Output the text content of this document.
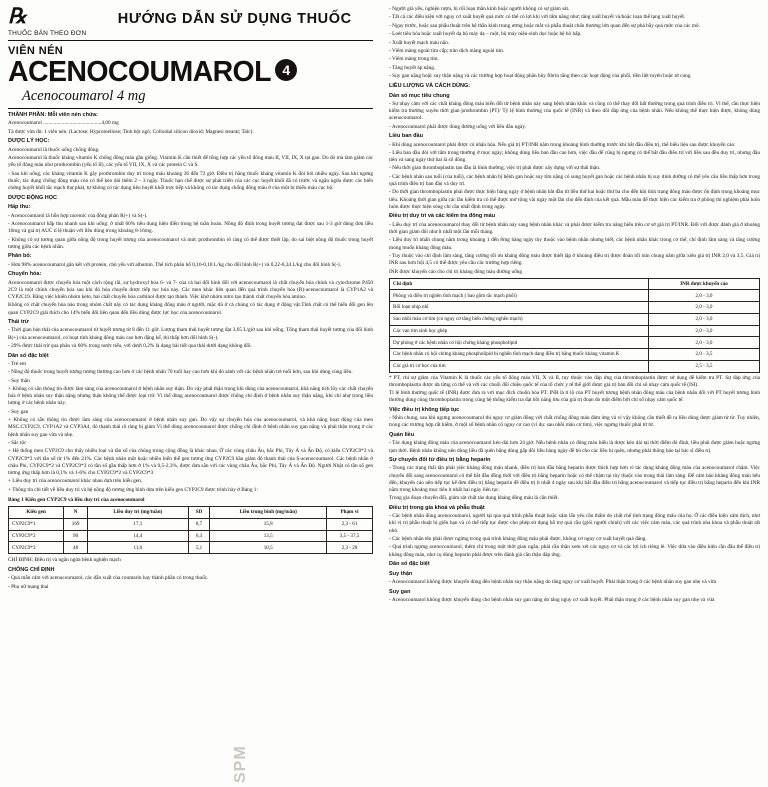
℞
THUỐC BÁN THEO ĐƠN
HƯỚNG DẪN SỬ DỤNG THUỐC
VIÊN NÉN
ACENOCOUMAROL 4
Acenocoumarol 4 mg
THÀNH PHẦN: Mỗi viên nén chứa:

Acenocoumarol ............................................4,00 mg

Tá dược vừa đủ: 1 viên nén. (Lactose; Hypromellose; Tinh bột ngô; Colloidal silicon dioxid; Magnesi stearat; Talc).

DƯỢC LÝ HỌC:

Acenocoumarol là thuốc uống chống đông.

Acenocoumarol là thuốc kháng vitamin K chống đông máu gần giống. Vitamin K cần thiết để tổng hợp các yếu tố đông máu II, VII, IX, X tại gan. Do đó mà làm giảm các yếu tố đông máu như prothrombin (yếu tố II), các yếu tố VII, IX, X và các protein C và S.

- Sau khi uống, các kháng vitamin K gây prothrombin duy trì trong máu khoảng 36 đến 72 giờ. Điều trị bằng thuốc kháng vitamin K đòi hỏi nhiều ngày. Sau khi ngưng thuốc, tác dụng chống đông máu còn có thể kéo dài thêm 2 – 3 ngày. Thuốc hạn chế được sự phát triển của các cục huyết khối đã có trước và ngăn ngừa được các biến chứng huyết khối tắc mạch thự phát, tự không có tác dụng tiêu huyết khối trực tiếp và không có tác dụng chống đông máu ở của một bị thiếu máu cục bộ.

DƯỢC ĐỘNG HỌC
Hấp thu:

- Acenocoumarol là hỗn hợp racemic của đồng phân R(+) và S(-).

- Acenocoumarol hấp thu nhanh sau khi uống: ở nhất 60% tiêu dụng hiện điền trong hệ tuần hoàn. Nồng độ đỉnh trong huyết tương đạt được sau 1-3 giờ dùng đơn liều 10mg và giá trị AUC tỉ lệ thuận với liều dùng trong khoảng 8-16mg.

- Không có sự tương quan giữa nồng độ trong huyết tương của acenocoumarol và mức prothrombin rõ ràng có thể được thiết lập, do sai biệt nồng độ thuốc trong huyết tương giữa các bệnh nhân.

Phân bố:

- Hơn 98% acenocoumarol gắn kết với protein, chủ yếu với albumin. Thể tích phân bố 0,16-0,18 L/kg cho đối hình R(+) và 0,22-0,34 L/kg cho đối hình S(-).

Chuyển hóa:

Acenocoumarol được chuyển hóa một cách rộng rãi, sự hydroxyl hóa 6- và 7- của cả hai đối hình đối với acenocoumarol là chất chuyển hóa chính và cytochrome P450 2C9 là một chính chuyển hóa sau khi đó hóa chuyển được tiếp tục hóa này. Các men khác liên quan đến quá trình chuyển hóa (R)-acenocoumarol là CYP1A2 và CYP2C19. Bằng việc khiến nhóm keto, hai chất chuyển hóa carbinol được tạo thành. Việc khử nhóm nitro tạo thành chất chuyển hóa amino.

Không có chất chuyển hóa nào trong nhóm chất này có tác dụng kháng đông máu ở người, mặc dù ở cả chúng có tác dụng ở động vật.Tính chất có thể biến đổi gen lên quan CYP2C9 giải thích cho 14% biến đổi liên quan đến liều dùng được lực học của acenocoumarol.

Thải trừ

- Thời gian bán thải của acenocoumarol từ huyết tương từ 8 đến 11 giờ. Lượng tham thải huyết tương đạt 3,65 L/giờ sau khi uống. Tổng tham thải huyết tương của đối hình R(+) của acenocoumarol, có hoạt tính kháng đông máu cao hơn đặng kế, thì thấp hơn đối hình S(-).

- 29% được thải trừ qua phân và 60% trong nước tiểu, với dưới 0,2% là dạng bài tiết qua thải dưới dạng không đổi.

Dân số đặc biệt

- Trẻ em

- Nồng độ thuốc trong huyết tương tương thường cao hơn ở các bệnh nhân 70 tuổi hay cao hơn khi đó sánh với các bệnh nhân trẻ tuổi hơn, sau khi dùng cùng liều.

- Suy thận

+ Không có sẵn thông tin được làm sàng của acenocoumarol ở bệnh nhân suy thận. Do vậy phải thận trọng khi dùng của acenocoumarol, khả năng tích lũy các chất chuyển hóa ở bệnh nhân suy thận nặng nhưng thận không thể được loại trừ. Vì thế dùng acenocoumarol được chống chỉ định ở bệnh nhân suy thận nặng, khi chỉ nhự trong liều lượng ở các bệnh nhân này.

- Suy gan

+ Không có sẵn thông tin được làm sàng của acenocoumarol ở bệnh nhân suy gan. Do vậy sự chuyển hóa của acenocoumarol, và khả năng hoạt động của men MSC.CYP2C9, CYP1A2 và CYP3A4, đó thạnh thải rõ ràng bị giảm Vì thế dùng acenocoumarol được chống chỉ định ở bệnh nhân suy gan nặng và phải thận trọng ở các bệnh nhân suy gan vừa và nhẹ.

- Sắc tộc

+ Hệ thống men CYP2C9 cho thấy nhiều loại và tần số của chúng trong cộng đồng là khác nhau. Ở các vùng châu Âu, bắc Phi, Tây Á và Ấn Độ, có kiểu CYP2C9*2 và CYP2C9*3 với tần số từ 1% đến 21%. Các bệnh nhân một hoặc nhiều biến thể gen tương ứng CYP2C9 hầu giảm độ thanh thải của S-acenocoumarol. Các bệnh nhân ở châu Phi, CYP2C9*2 và CYP2C9*3 có tần số gần thấp hơn ở 1% và 0,5-2,3%, được đưa sẵn với các vùng châu Âu, bắc Phi, Tây Á và Ấn Độ. Người Nhật có tần số gen tương ứng thấp hơn là 0,1% và 1-6% cho CYP2C9*2 và CYP2C9*3

+ Liều duy trì của acenocoumarol khác nhau dựa trên kiểu gen.

+ Thông tin chi tiết về liều duy trì và hệ nồng độ tương ứng bình dựa trên kiểu gen CYP2C9 được trình bày ở Bảng 1:

Bảng 1 Kiểu gen CYP2C9 và liều duy trì của acenocoumarol
Kiểu gen	N	Liều duy trì (mg/tuần)	SD	Liều trung bình (mg/tuần)	Phạm vi
CYP2C9*1	169	17,1	8,7	15,8	2,3 - 61
CYP2C9*2	90	14,4	6,3	13,5	3,5 - 37,5
CYP2C9*3	48	11,0	5,1	10,5	2,3 - 28
CHỈ ĐỊNH: Điều trị và ngăn ngừa bệnh nghiện mạch
CHỐNG CHỈ ĐỊNH

- Quá mẫn cảm với acenocoumarol, các dẫn xuất của coumarin hay thành phần có trong thuốc.

- Phụ nữ mang thai

- Người già yếu, nghiện rượu, bị rối loạn thần kinh hoặc người không có sự giám sát.

- Tất cả các điều kiện với nguy cơ xuất huyết quá mức có thể có lợi khi với tấm năng như; tăng xuất huyết và/hoặc loạn thể tạng xuất huyết.

- Ngay trước, hoặc sau phẫu thuật trên hệ thần kinh trung ương hoặc mắt và phẫu thuật chấn thương lớn quan đến sự phá bầy quá mức của các mô.

- Loét tiêu hóa hoặc xuất huyết dạ bộ máy dạ – ruột, bộ máy niệu-sinh dục hoặc hệ hô hấp.

- Xuất huyết mạch máu não.

- Viêm màng ngoài tim cấp; tràn dịch màng ngoài tim.

- Viêm màng trong tim.

- Tăng huyết áp nặng.

- Suy gan nặng hoặc suy thận nặng và các trường hợp hoạt động phân hủy fibrin tăng theo các hoạt động của phổi, tiền liệt tuyến hoặc tử cung

LIỀU LƯỢNG VÀ CÁCH DÙNG:
Dàn số mục tiêu chung

- Sự nhạy cảm với các chất kháng đông máu biến đổi từ bệnh nhân này sang bệnh nhân khác và cũng có thể thay đổi bất thường trong quá trình điều trị. Vì thế, cần thực hiện kiểm tra thường xuyên thời gian prothrombin (PT)/ Tỷ lệ bình thường của quốc tế (INR) và theo dõi đáp ứng của bệnh nhân. Nếu không thể thực hiện được, không dùng acenocoumarol.

- Acenocoumarol phải được dùng đường uống với liều đãu ngày.

Liều ban đầu

- Khi dùng acenocoumarol phải được có nhận hóa. Nếu giá trị PT/INR nằm trong khoảng bình thường trước khi bắt đầu điều trị, thể biểu liệu sau được khuyến cáo:

- Liều ban đầu đòi với tấm trong thường ở mục ngày; không dùng liều ban đầu cao hơn, việc đầu để cũng bị ngưng có thể bắt đầu điều trị với liều sau đều duy trì, nhưng đầu tiên và sang ngày thứ hai là số đông.

- Nếu thời gian thromboplastin tạo đầu là bình thường, việc trị phải được xây dựng với sự thải thận.

- Các bệnh nhân sau tuổi (của tuổi), các bệnh nhân bị bệnh gan hoặc suy tìm nặng có sung huyết gan hoặc các bệnh nhân bị suy dinh dưỡng có thể yêu cầu liều thấp hơn trong quá trình điều trị ban đầu và duy trì.

- Do thời gian thromboplastin phải được thực hiện hàng ngày ở bệnh nhân bắt đầu từ liều thứ hai hoặc thứ ba cho đến khi tình trạng đông máu được ổn định trong khoảng mục tiêu. Khoảng thời gian giữa các lần kiểm tra có thể được mở rộng vài ngày một lần cho đến định của kết quả. Mẫu máu để thực hiện các kiểm tra ở phòng thí nghiệm phải luôn luôn được thực hiện sóng chỉ cần nhất định trong ngày.

Điều trị duy trì và các kiểm tra đông máu

- Liều duy trì của acenocoumarol thay đổi từ bệnh nhân này sang bệnh nhân khác và phải được kiểm tra năng biểu trên cơ sở giá trị PT/INR. Đối với được đánh giá ở khoảng thời gian giảm đôi như ít nhất một lần mỗi tháng.

- Liều duy trì nhấn chung nằm trong khoảng 1 đến 8mg hàng ngày tùy thuộc vào bệnh nhân nhưng biết, các bệnh nhân khác trong cơ thể, chỉ định lâm sàng và tăng cường mong muốn kháng đông máu.

- Tuy thuộc vào chỉ định lâm sàng, tăng cường tối ưu kháng đông máu được thiết lập ở khoảng điều trị được đoàn tối mìn chung nằm giữa xiên giá trị INR 2,0 và 3,5. Giá trị INR sau hơn hội 4,5 có thể được yêu cầu các trường hợp riêng.

INR được khuyến cáo cho chỉ trị kháng đông máu đường uống

Chỉ định	INR được khuyến cáo
Phòng và điều trị nghẽn tĩnh mạch ( bao gồm tắc mạch phổi)	2,0 - 3,0
Rối loạn nhịp nhĩ	2,0 - 3,0
Sau nhồi máu cơ tim (có nguy cơ tăng biến chứng nghẽn mạch)	2,0 - 3,0
Các van tim sinh học ghép	2,0 - 3,0
Dự phòng ở các bệnh nhân có hội chứng kháng phospholipid	2,0 - 3,0
Các bệnh nhân có hội chứng kháng phospholipid bị nghẽn tĩnh mạch dang điều trị bằng thuốc kháng vitamin K	2,0 - 3,5
Các giả trị cơ học của tim	2,5 - 3,5

* PT, chỉ sự giảm của Vitamin K là thuốc các yếu tố đông máu VII, X và II, tuy thuộc vào đáp ứng của thromboplastin được sử dụng để kiểm tra PT. Sự đáp ứng của thromboplastin được ứa từng có thể và với các chuỗi đối chỉệu quốc tế của tổ chức y tế thế giới được giá trị bản đối chỉ số nhạy cảm quốc tế (ISI).

Tỉ lệ bình thường quốc tế (INR) được đưa ra với mục đích chuỗn hóa PT. INR là tỉ lộ của PT huyết tương bệnh nhân đông máu của bệnh nhân đối với PT huyết tương bình thường dùng cùng thromboplastin trong cùng hệ thống kiểm tra đạt hồi năng lưu của giá trị đoạn đo một điểm bởi chỉ số nhạy cảm quốc tế.

Việc điều trị không tiếp tục

- Nhín chung, sau khi ngưng acenocoumarol thì nguy cơ giảm đông với chất chống đông máu đảm ứng và vì vậy không cần thiết đề ra liều dùng được giảm từ từ. Tuy nhiên, trong các trường hợp rất hiếm, ở một số bệnh nhân có nguy cơ cao (ví dụ: sau nhồi máu cơ tim), việc ngưng thuốc phải từ từ.

Quán liều

- Tác dụng kháng đông máu của acenocoumarol kéo dài hơn 24 giờ. Nếu bệnh nhân có đông máu biểu là dược kéo dài tại thời điểm đó đình, liều phải được giảm hoặc ngưng tạm thời. Bệnh nhân không nên dùng liều đã quên bằng dùng gấp đôi liều hàng ngày để bù cho các liều bị quên, nhưng phải thông báo tại bác sĩ điều trị.

Sự chuyển đổi từ điều trị bằng heparin

- Trong các trạng thái tận phải yiệc kháng đông máu nhanh, điều trị ban đầu bằng heparin được thích hợp hơn vì tác dụng kháng đông máu của acenocoumarol chậm. Việc chuyển đổi sang acenocoumarol có thể bắt đầu đồng thời với điều trị bằng heparin hoặc có thể chậm tại tùy thuộc vào trong thải lâm sàng. Để cảm bảo kháng đông máu hếu đến, khuyến cáo nên tiếp tục kế đơn điều trị bằng heparin đề điều trị ít nhất 4 ngày sau khi bắt đầu điều trị bằng acenocoumarol và tiếp tục điều trị bằng heparin đến khi INR nằm trong khoảng mục tiêu ít nhất hai ngày liên tục.

Trong gia đoạn chuyển đổi, giám sát chất táo dụng kháng đông máu là cần thiết.

Điều trị trong gia khoả và phẫu thuật

- Các bệnh nhân đùng acenocoumarol, người tại qua quá trình phẫu thuật hoặc xâm lấn yêu cầu thẩm do chất chế tình trạng đông máu của họ. Ở các điều kiện xâm dịch, như khí vị trị phẫu thuật bị giến bạn và có thể tiếp tục được cho phép sử dụng hỗ trợ quá cầu (giỏi người chính) với các việc cảm mảu, các quá trình nha khoa và phẫu thuật rất nhỏ.

- Các bệnh nhân tên phải được ngừng trong quá trình kháng đông máu phải được, không cơ nguy cơ xuất huyết quá đáng.

- Quá trình ngưng acenocoumarol, thêm chí trong một thời gian ngắn, phải cần thận xem xét các nguy cơ và các lợi ích riêng lẻ. Việc dừa vào điều kiện cần đầu thể điều trị kháng đông máu, như cụ dùng heparin phải được trên đánh giá cần thận đáp ứng.

Dân số đặc biệt
Suy thận

- Acenocoumarol không được khuyến dùng đên bệnh nhân suy thận nặng do tăng nguy cơ xuất huyết. Phải thận trọng ở các bệnh nhân suy gan nhẹ và vừa

Suy gan

- Acenocoumarol không được khuyến dùng cho bệnh nhân suy gan nặng do tăng nguy cơ xuất huyết. Phải thận trọng ở các bệnh nhân suy gan nhẹ và vừa

SPM
